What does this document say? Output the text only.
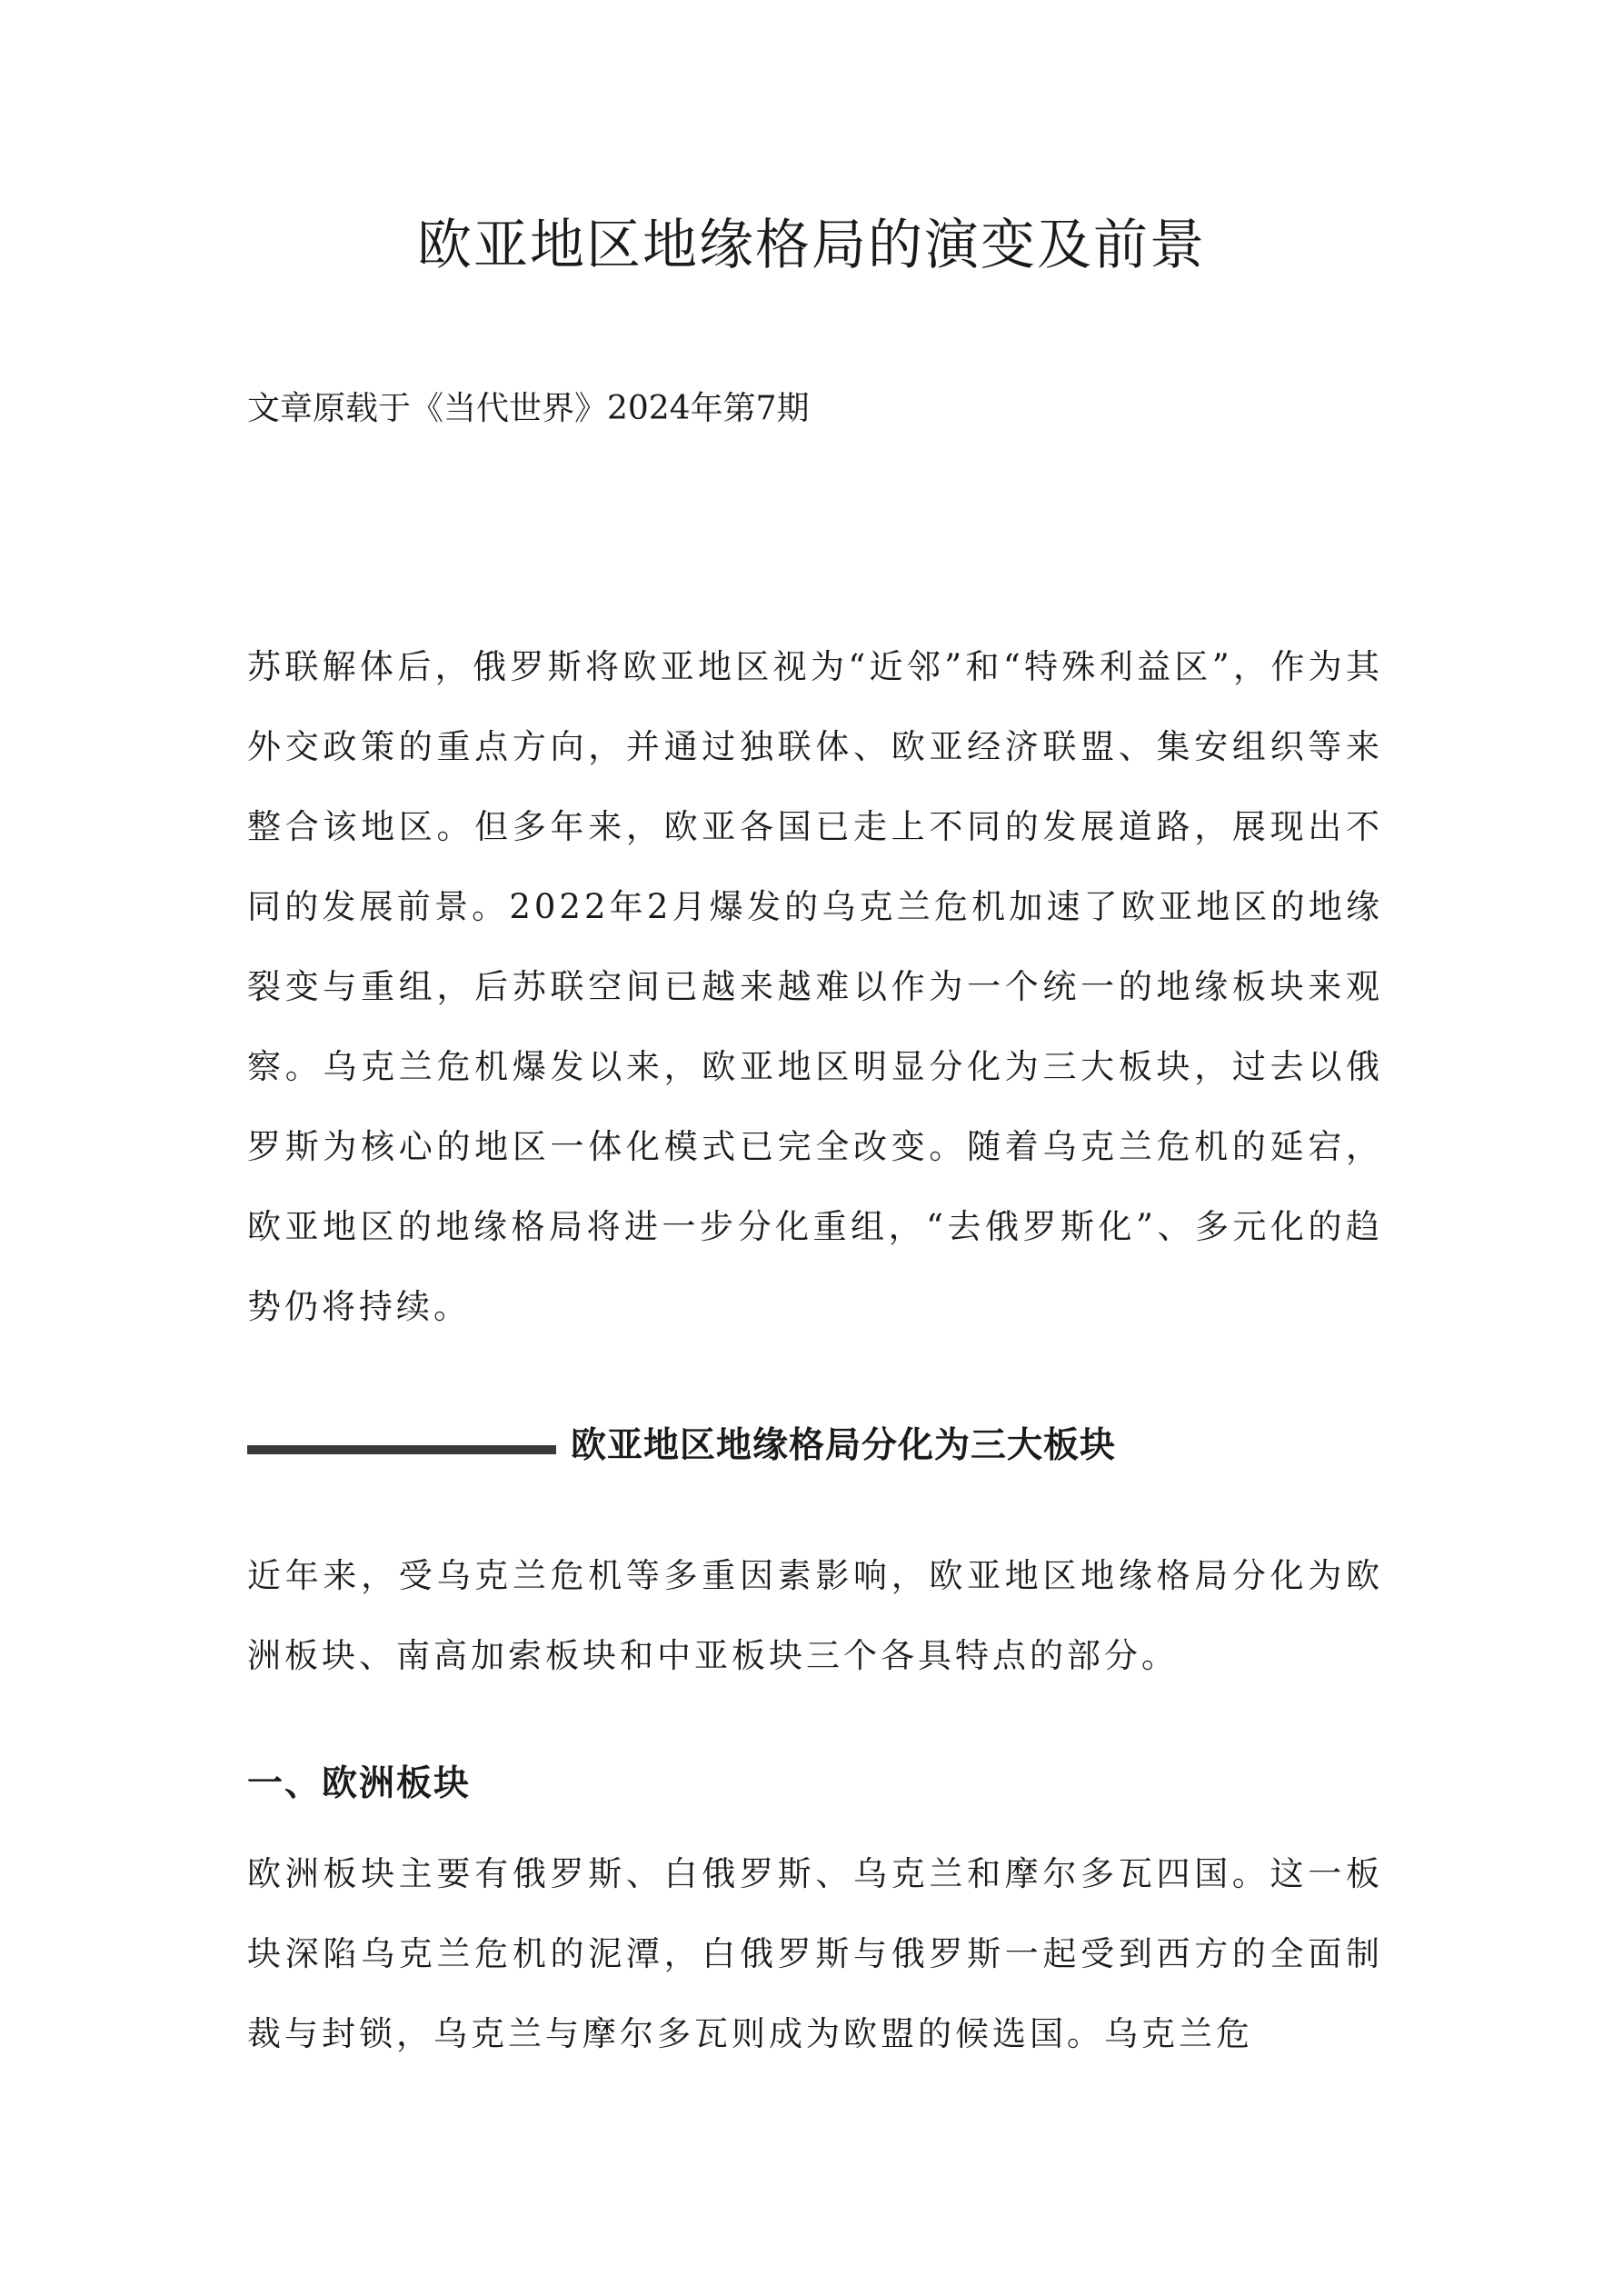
欧亚地区地缘格局的演变及前景

文章原载于《当代世界》2024年第7期

苏联解体后，俄罗斯将欧亚地区视为“近邻”和“特殊利益区”，作为其外交政策的重点方向，并通过独联体、欧亚经济联盟、集安组织等来整合该地区。但多年来，欧亚各国已走上不同的发展道路，展现出不同的发展前景。2022年2月爆发的乌克兰危机加速了欧亚地区的地缘裂变与重组，后苏联空间已越来越难以作为一个统一的地缘板块来观察。乌克兰危机爆发以来，欧亚地区明显分化为三大板块，过去以俄罗斯为核心的地区一体化模式已完全改变。随着乌克兰危机的延宕，欧亚地区的地缘格局将进一步分化重组，“去俄罗斯化”、多元化的趋势仍将持续。

欧亚地区地缘格局分化为三大板块

近年来，受乌克兰危机等多重因素影响，欧亚地区地缘格局分化为欧洲板块、南高加索板块和中亚板块三个各具特点的部分。

一、欧洲板块

欧洲板块主要有俄罗斯、白俄罗斯、乌克兰和摩尔多瓦四国。这一板块深陷乌克兰危机的泥潭，白俄罗斯与俄罗斯一起受到西方的全面制裁与封锁，乌克兰与摩尔多瓦则成为欧盟的候选国。乌克兰危
